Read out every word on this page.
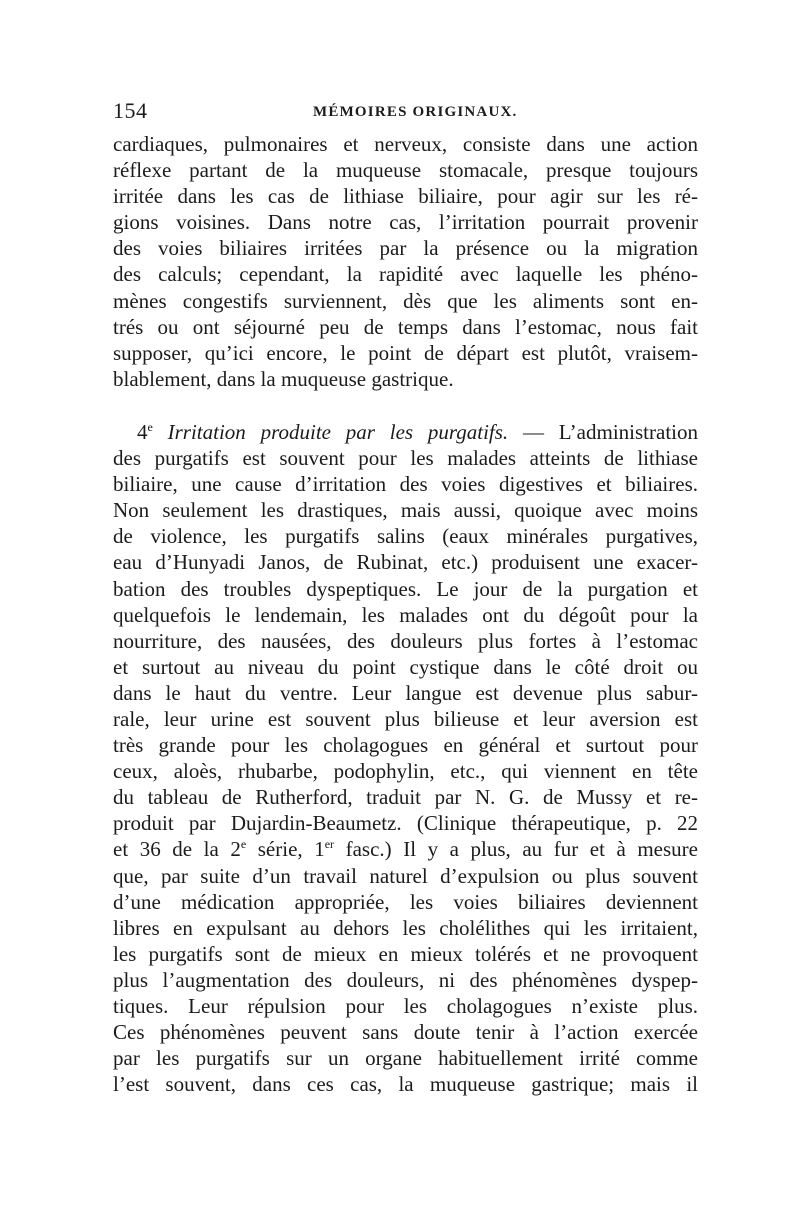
154	MÉMOIRES ORIGINAUX.
cardiaques, pulmonaires et nerveux, consiste dans une action
réflexe partant de la muqueuse stomacale, presque toujours
irritée dans les cas de lithiase biliaire, pour agir sur les ré-
gions voisines. Dans notre cas, l’irritation pourrait provenir
des voies biliaires irritées par la présence ou la migration
des calculs; cependant, la rapidité avec laquelle les phéno-
mènes congestifs surviennent, dès que les aliments sont en-
trés ou ont séjourné peu de temps dans l’estomac, nous fait
supposer, qu’ici encore, le point de départ est plutôt, vraisem-
blablement, dans la muqueuse gastrique.
4e Irritation produite par les purgatifs. — L’administration
des purgatifs est souvent pour les malades atteints de lithiase
biliaire, une cause d’irritation des voies digestives et biliaires.
Non seulement les drastiques, mais aussi, quoique avec moins
de violence, les purgatifs salins (eaux minérales purgatives,
eau d’Hunyadi Janos, de Rubinat, etc.) produisent une exacer-
bation des troubles dyspeptiques. Le jour de la purgation et
quelquefois le lendemain, les malades ont du dégoût pour la
nourriture, des nausées, des douleurs plus fortes à l’estomac
et surtout au niveau du point cystique dans le côté droit ou
dans le haut du ventre. Leur langue est devenue plus sabur-
rale, leur urine est souvent plus bilieuse et leur aversion est
très grande pour les cholagogues en général et surtout pour
ceux, aloès, rhubarbe, podophylin, etc., qui viennent en tête
du tableau de Rutherford, traduit par N. G. de Mussy et re-
produit par Dujardin-Beaumetz. (Clinique thérapeutique, p. 22
et 36 de la 2e série, 1er fasc.) Il y a plus, au fur et à mesure
que, par suite d’un travail naturel d’expulsion ou plus souvent
d’une médication appropriée, les voies biliaires deviennent
libres en expulsant au dehors les cholélithes qui les irritaient,
les purgatifs sont de mieux en mieux tolérés et ne provoquent
plus l’augmentation des douleurs, ni des phénomènes dyspep-
tiques. Leur répulsion pour les cholagogues n’existe plus.
Ces phénomènes peuvent sans doute tenir à l’action exercée
par les purgatifs sur un organe habituellement irrité comme
l’est souvent, dans ces cas, la muqueuse gastrique; mais il
